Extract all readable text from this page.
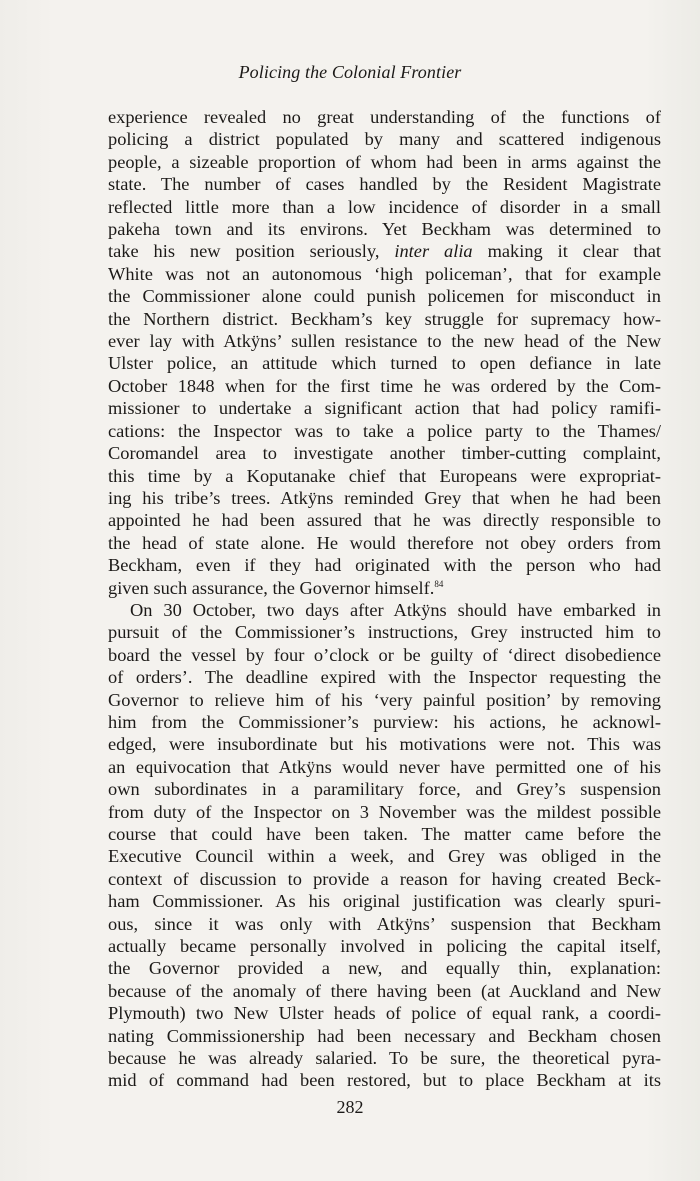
Policing the Colonial Frontier
experience revealed no great understanding of the functions of
policing a district populated by many and scattered indigenous
people, a sizeable proportion of whom had been in arms against the
state. The number of cases handled by the Resident Magistrate
reflected little more than a low incidence of disorder in a small
pakeha town and its environs. Yet Beckham was determined to
take his new position seriously, inter alia making it clear that
White was not an autonomous ‘high policeman’, that for example
the Commissioner alone could punish policemen for misconduct in
the Northern district. Beckham’s key struggle for supremacy how-
ever lay with Atkÿns’ sullen resistance to the new head of the New
Ulster police, an attitude which turned to open defiance in late
October 1848 when for the first time he was ordered by the Com-
missioner to undertake a significant action that had policy ramifi-
cations: the Inspector was to take a police party to the Thames/
Coromandel area to investigate another timber-cutting complaint,
this time by a Koputanake chief that Europeans were expropriat-
ing his tribe’s trees. Atkÿns reminded Grey that when he had been
appointed he had been assured that he was directly responsible to
the head of state alone. He would therefore not obey orders from
Beckham, even if they had originated with the person who had
given such assurance, the Governor himself.$^{84}$
On 30 October, two days after Atkÿns should have embarked in
pursuit of the Commissioner’s instructions, Grey instructed him to
board the vessel by four o’clock or be guilty of ‘direct disobedience
of orders’. The deadline expired with the Inspector requesting the
Governor to relieve him of his ‘very painful position’ by removing
him from the Commissioner’s purview: his actions, he acknowl-
edged, were insubordinate but his motivations were not. This was
an equivocation that Atkÿns would never have permitted one of his
own subordinates in a paramilitary force, and Grey’s suspension
from duty of the Inspector on 3 November was the mildest possible
course that could have been taken. The matter came before the
Executive Council within a week, and Grey was obliged in the
context of discussion to provide a reason for having created Beck-
ham Commissioner. As his original justification was clearly spuri-
ous, since it was only with Atkÿns’ suspension that Beckham
actually became personally involved in policing the capital itself,
the Governor provided a new, and equally thin, explanation:
because of the anomaly of there having been (at Auckland and New
Plymouth) two New Ulster heads of police of equal rank, a coordi-
nating Commissionership had been necessary and Beckham chosen
because he was already salaried. To be sure, the theoretical pyra-
mid of command had been restored, but to place Beckham at its
282
